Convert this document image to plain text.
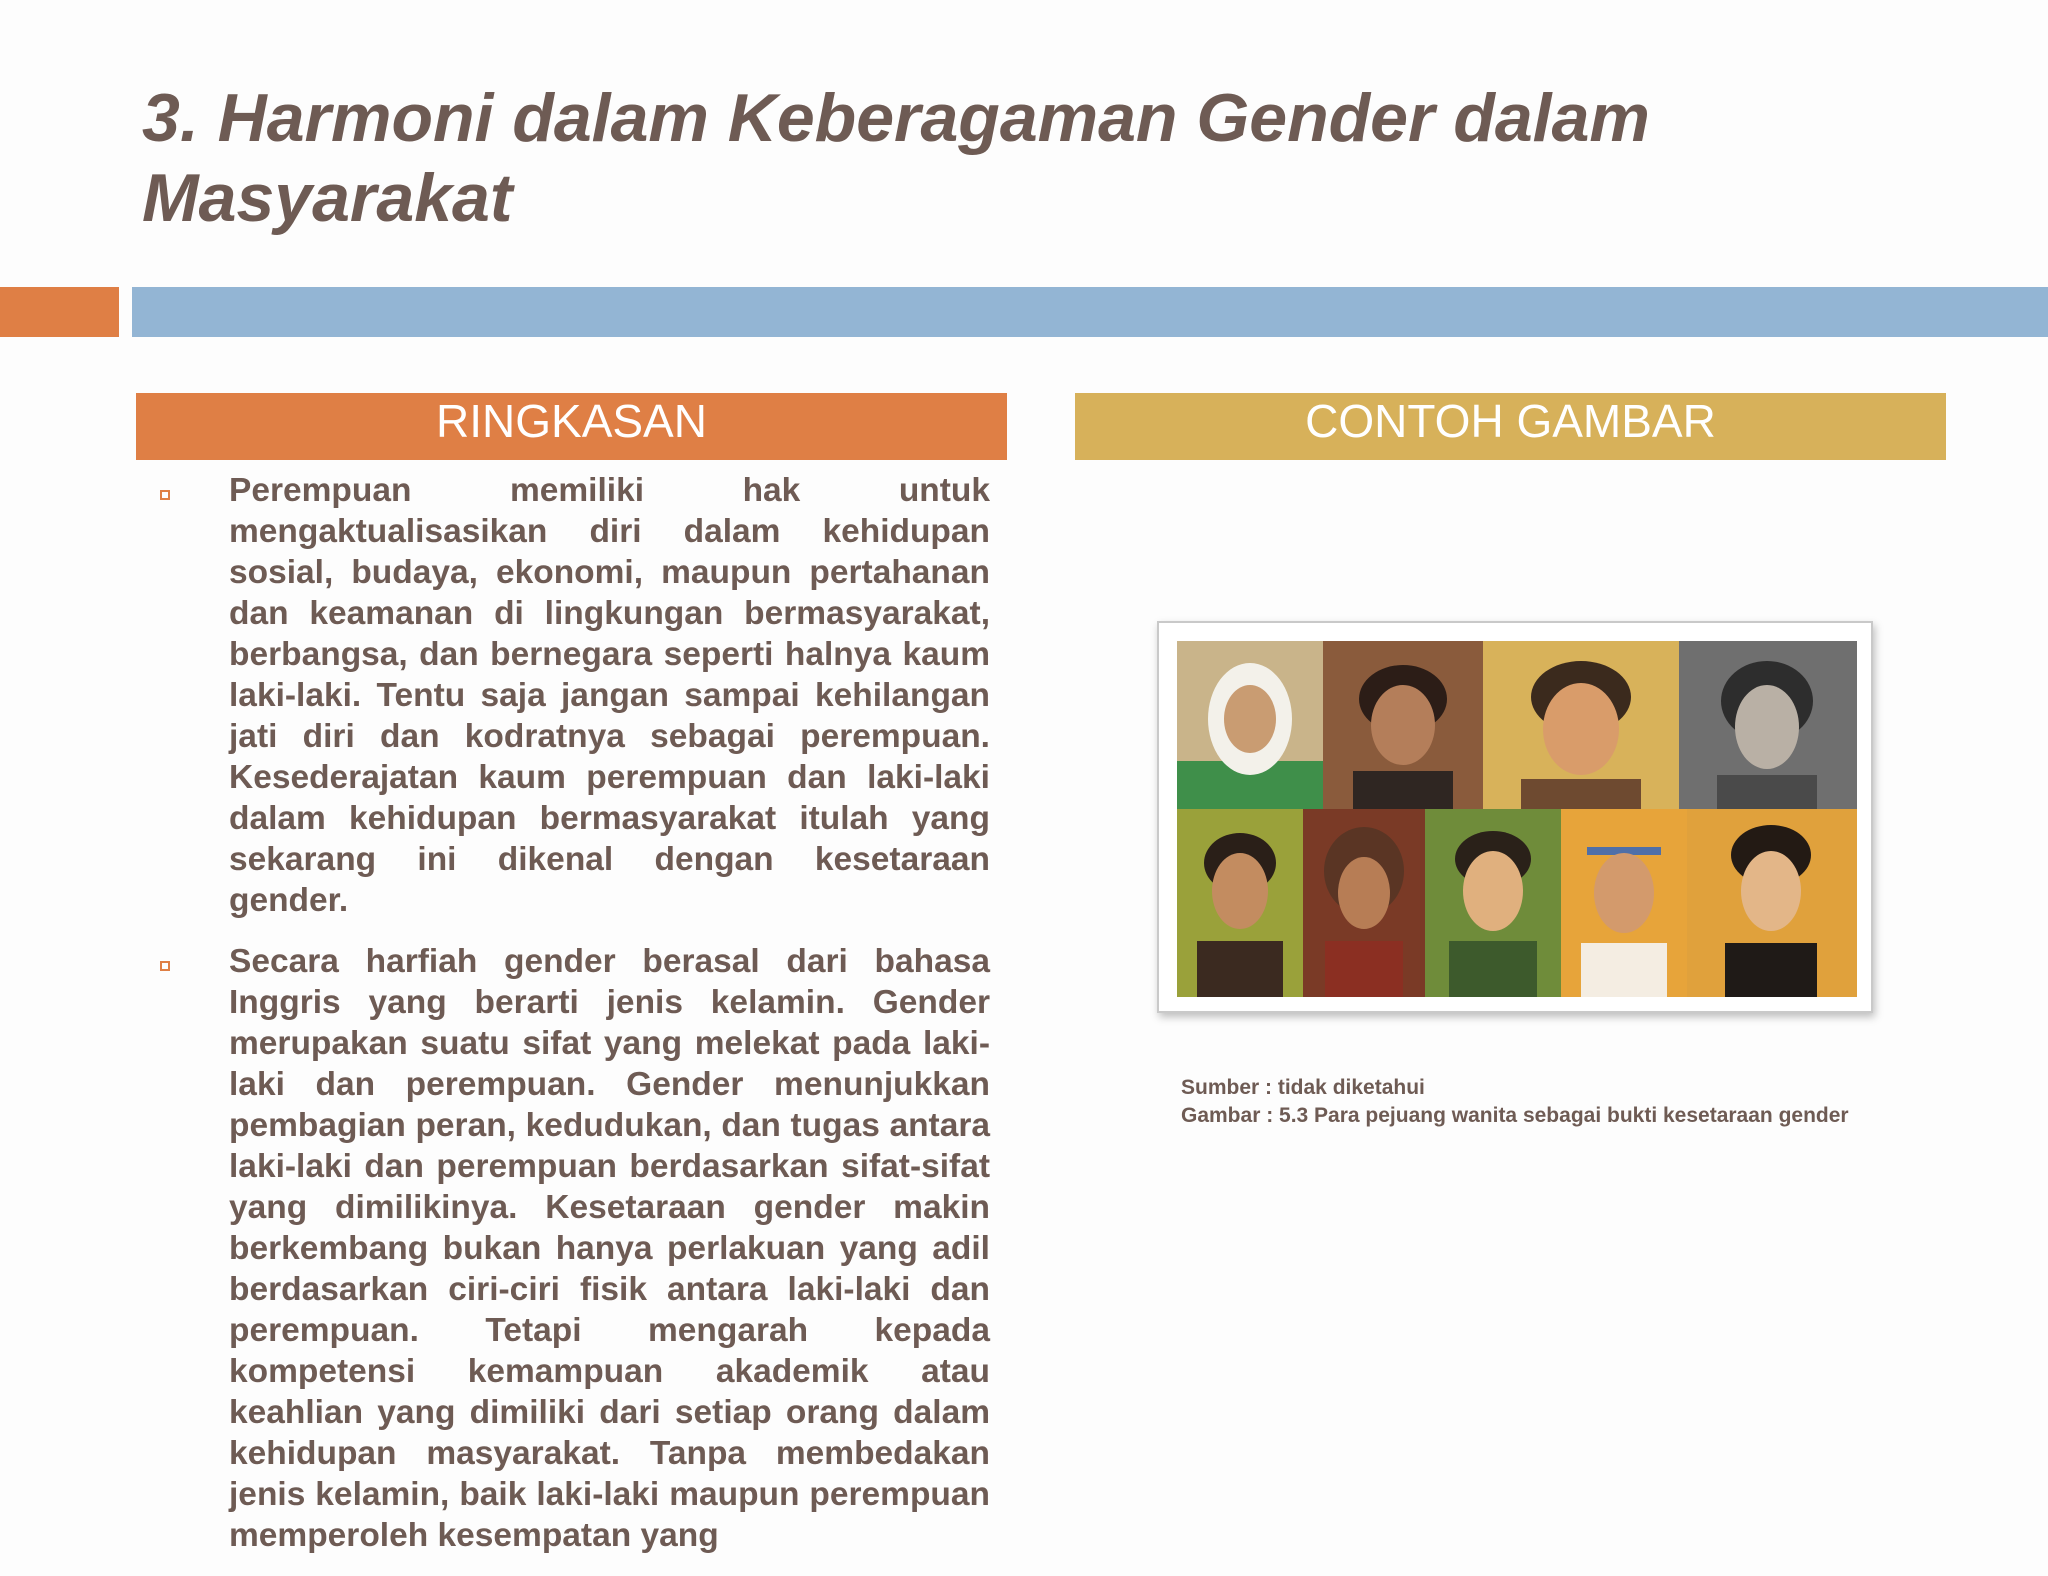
3. Harmoni dalam Keberagaman Gender dalam
Masyarakat
RINGKASAN	CONTOH GAMBAR
Perempuan memiliki hak untuk mengaktualisasikan diri dalam kehidupan sosial, budaya, ekonomi, maupun pertahanan dan keamanan di lingkungan bermasyarakat, berbangsa, dan bernegara seperti halnya kaum laki-laki. Tentu saja jangan sampai kehilangan jati diri dan kodratnya sebagai perempuan. Kesederajatan kaum perempuan dan laki-laki dalam kehidupan bermasyarakat itulah yang sekarang ini dikenal dengan kesetaraan gender.
Secara harfiah gender berasal dari bahasa Inggris yang berarti jenis kelamin. Gender merupakan suatu sifat yang melekat pada laki-laki dan perempuan. Gender menunjukkan pembagian peran, kedudukan, dan tugas antara laki-laki dan perempuan berdasarkan sifat-sifat yang dimilikinya. Kesetaraan gender makin berkembang bukan hanya perlakuan yang adil berdasarkan ciri-ciri fisik antara laki-laki dan perempuan. Tetapi mengarah kepada kompetensi kemampuan akademik atau keahlian yang dimiliki dari setiap orang dalam kehidupan masyarakat. Tanpa membedakan jenis kelamin, baik laki-laki maupun perempuan memperoleh kesempatan yang
Sumber : tidak diketahui
Gambar : 5.3 Para pejuang wanita sebagai bukti kesetaraan gender
